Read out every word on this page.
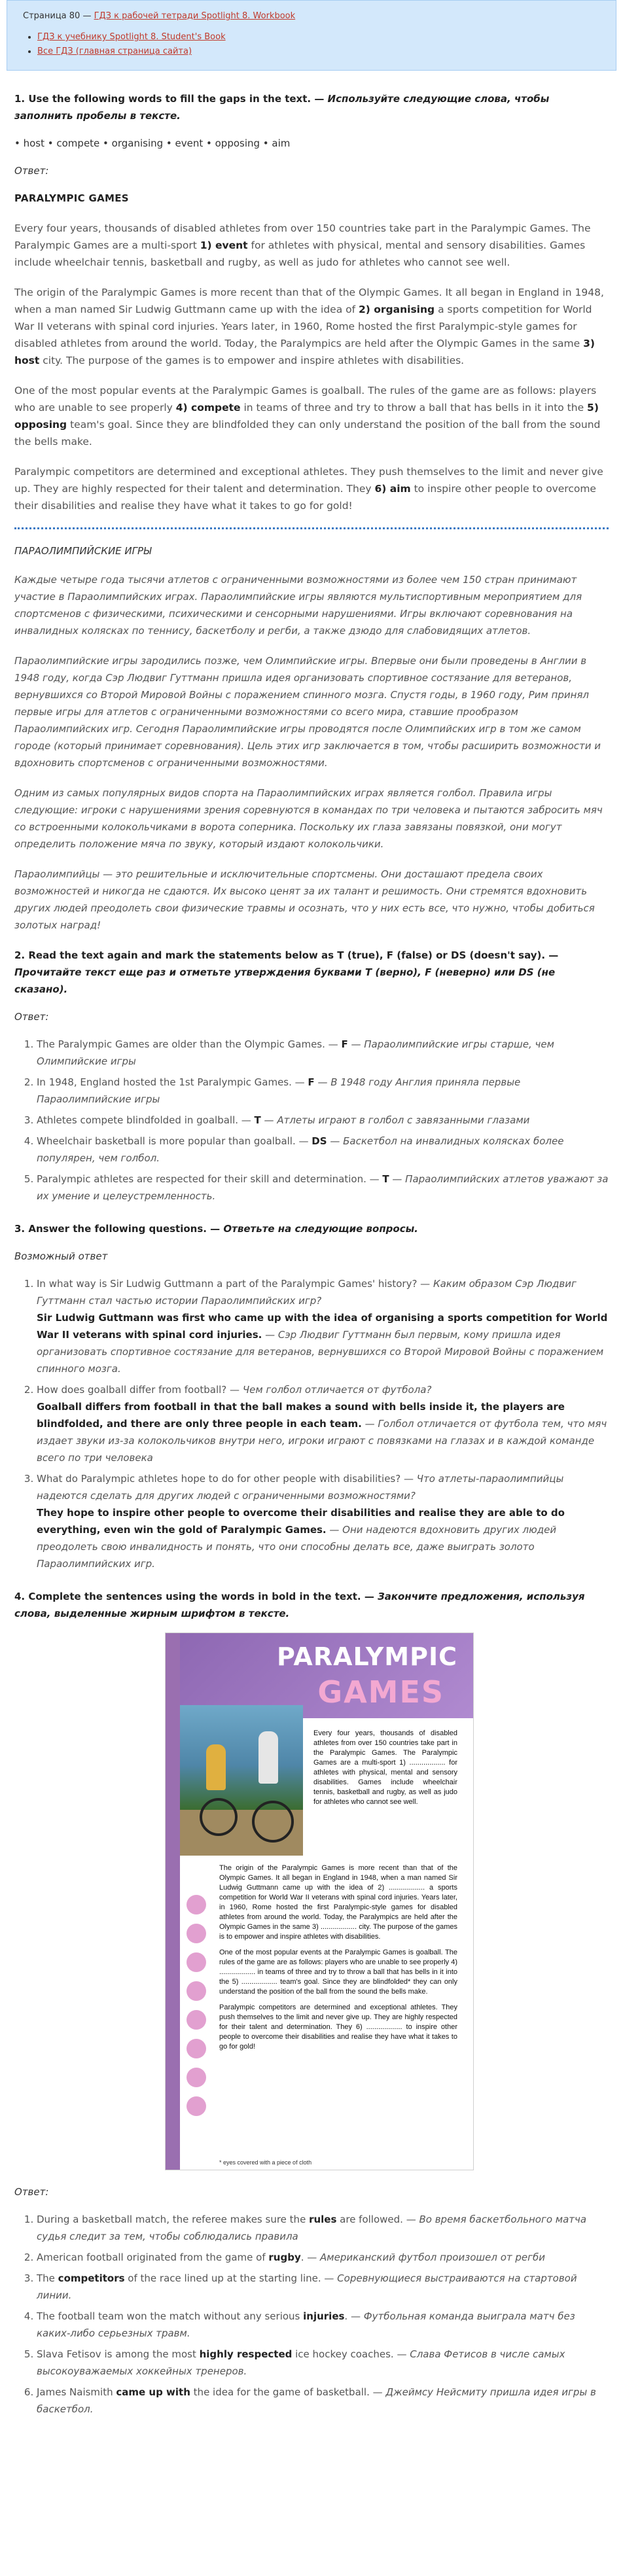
Страница 80 — ГДЗ к рабочей тетради Spotlight 8. Workbook
• ГДЗ к учебнику Spotlight 8. Student's Book
• Все ГДЗ (главная страница сайта)
1. Use the following words to fill the gaps in the text. — Используйте следующие слова, чтобы заполнить пробелы в тексте.
• host • compete • organising • event • opposing • aim
Ответ:
PARALYMPIC GAMES

Every four years, thousands of disabled athletes from over 150 countries take part in the Paralympic Games. The Paralympic Games are a multi-sport 1) event for athletes with physical, mental and sensory disabilities. Games include wheelchair tennis, basketball and rugby, as well as judo for athletes who cannot see well.

The origin of the Paralympic Games is more recent than that of the Olympic Games. It all began in England in 1948, when a man named Sir Ludwig Guttmann came up with the idea of 2) organising a sports competition for World War II veterans with spinal cord injuries. Years later, in 1960, Rome hosted the first Paralympic-style games for disabled athletes from around the world. Today, the Paralympics are held after the Olympic Games in the same 3) host city. The purpose of the games is to empower and inspire athletes with disabilities.

One of the most popular events at the Paralympic Games is goalball. The rules of the game are as follows: players who are unable to see properly 4) compete in teams of three and try to throw a ball that has bells in it into the 5) opposing team's goal. Since they are blindfolded they can only understand the position of the ball from the sound the bells make.

Paralympic competitors are determined and exceptional athletes. They push themselves to the limit and never give up. They are highly respected for their talent and determination. They 6) aim to inspire other people to overcome their disabilities and realise they have what it takes to go for gold!

ПАРАОЛИМПИЙСКИЕ ИГРЫ

Каждые четыре года тысячи атлетов с ограниченными возможностями из более чем 150 стран принимают участие в Параолимпийских играх. Параолимпийские игры являются мультиспортивным мероприятием для спортсменов с физическими, психическими и сенсорными нарушениями. Игры включают соревнования на инвалидных колясках по теннису, баскетболу и регби, а также дзюдо для слабовидящих атлетов.

Параолимпийские игры зародились позже, чем Олимпийские игры. Впервые они были проведены в Англии в 1948 году, когда Сэр Людвиг Гуттманн пришла идея организовать спортивное состязание для ветеранов, вернувшихся со Второй Мировой Войны с поражением спинного мозга. Спустя годы, в 1960 году, Рим принял первые игры для атлетов с ограниченными возможностями со всего мира, ставшие прообразом Параолимпийских игр. Сегодня Параолимпийские игры проводятся после Олимпийских игр в том же самом городе (который принимает соревнования). Цель этих игр заключается в том, чтобы расширить возможности и вдохновить спортсменов с ограниченными возможностями.

Одним из самых популярных видов спорта на Параолимпийских играх является голбол. Правила игры следующие: игроки с нарушениями зрения соревнуются в командах по три человека и пытаются забросить мяч со встроенными колокольчиками в ворота соперника. Поскольку их глаза завязаны повязкой, они могут определить положение мяча по звуку, который издают колокольчики.

Параолимпийцы — это решительные и исключительные спортсмены. Они досташают предела своих возможностей и никогда не сдаются. Их высоко ценят за их талант и решимость. Они стремятся вдохновить других людей преодолеть свои физические травмы и осознать, что у них есть все, что нужно, чтобы добиться золотых наград!

2. Read the text again and mark the statements below as T (true), F (false) or DS (doesn't say). — Прочитайте текст еще раз и отметьте утверждения буквами T (верно), F (неверно) или DS (не сказано).
Ответ:
1. The Paralympic Games are older than the Olympic Games. — F — Параолимпийские игры старше, чем Олимпийские игры
2. In 1948, England hosted the 1st Paralympic Games. — F — В 1948 году Англия приняла первые Параолимпийские игры
3. Athletes compete blindfolded in goalball. — T — Атлеты играют в голбол с завязанными глазами
4. Wheelchair basketball is more popular than goalball. — DS — Баскетбол на инвалидных колясках более популярен, чем голбол.
5. Paralympic athletes are respected for their skill and determination. — T — Параолимпийских атлетов уважают за их умение и целеустремленность.
3. Answer the following questions. — Ответьте на следующие вопросы.
Возможный ответ
1. In what way is Sir Ludwig Guttmann a part of the Paralympic Games' history? — Каким образом Сэр Людвиг Гуттманн стал частью истории Параолимпийских игр?
Sir Ludwig Guttmann was first who came up with the idea of organising a sports competition for World War II veterans with spinal cord injuries. — Сэр Людвиг Гуттманн был первым, кому пришла идея организовать спортивное состязание для ветеранов, вернувшихся со Второй Мировой Войны с поражением спинного мозга.
2. How does goalball differ from football? — Чем голбол отличается от футбола?
Goalball differs from football in that the ball makes a sound with bells inside it, the players are blindfolded, and there are only three people in each team. — Голбол отличается от футбола тем, что мяч издает звуки из-за колокольчиков внутри него, игроки играют с повязками на глазах и в каждой команде всего по три человека
3. What do Paralympic athletes hope to do for other people with disabilities? — Что атлеты-параолимпийцы надеются сделать для других людей с ограниченными возможностями?
They hope to inspire other people to overcome their disabilities and realise they are able to do everything, even win the gold of Paralympic Games. — Они надеются вдохновить других людей преодолеть свою инвалидность и понять, что они способны делать все, даже выиграть золото Параолимпийских игр.
4. Complete the sentences using the words in bold in the text. — Закончите предложения, используя слова, выделенные жирным шрифтом в тексте.
PARALYMPIC
GAMES
Every four years, thousands of disabled athletes from over 150 countries take part in the Paralympic Games. The Paralympic Games are a multi-sport 1) .................. for athletes with physical, mental and sensory disabilities. Games include wheelchair tennis, basketball and rugby, as well as judo for athletes who cannot see well.

The origin of the Paralympic Games is more recent than that of the Olympic Games. It all began in England in 1948, when a man named Sir Ludwig Guttmann came up with the idea of 2) .................. a sports competition for World War II veterans with spinal cord injuries. Years later, in 1960, Rome hosted the first Paralympic-style games for disabled athletes from around the world. Today, the Paralympics are held after the Olympic Games in the same 3) .................. city. The purpose of the games is to empower and inspire athletes with disabilities.

One of the most popular events at the Paralympic Games is goalball. The rules of the game are as follows: players who are unable to see properly 4) .................. in teams of three and try to throw a ball that has bells in it into the 5) .................. team's goal. Since they are blindfolded* they can only understand the position of the ball from the sound the bells make.

Paralympic competitors are determined and exceptional athletes. They push themselves to the limit and never give up. They are highly respected for their talent and determination. They 6) .................. to inspire other people to overcome their disabilities and realise they have what it takes to go for gold!

* eyes covered with a piece of cloth
Ответ:
1. During a basketball match, the referee makes sure the rules are followed. — Во время баскетбольного матча судья следит за тем, чтобы соблюдались правила
2. American football originated from the game of rugby. — Американский футбол произошел от регби
3. The competitors of the race lined up at the starting line. — Соревнующиеся выстраиваются на стартовой линии.
4. The football team won the match without any serious injuries. — Футбольная команда выиграла матч без каких-либо серьезных травм.
5. Slava Fetisov is among the most highly respected ice hockey coaches. — Слава Фетисов в числе самых высокоуважаемых хоккейных тренеров.
6. James Naismith came up with the idea for the game of basketball. — Джеймсу Нейсмиту пришла идея игры в баскетбол.
